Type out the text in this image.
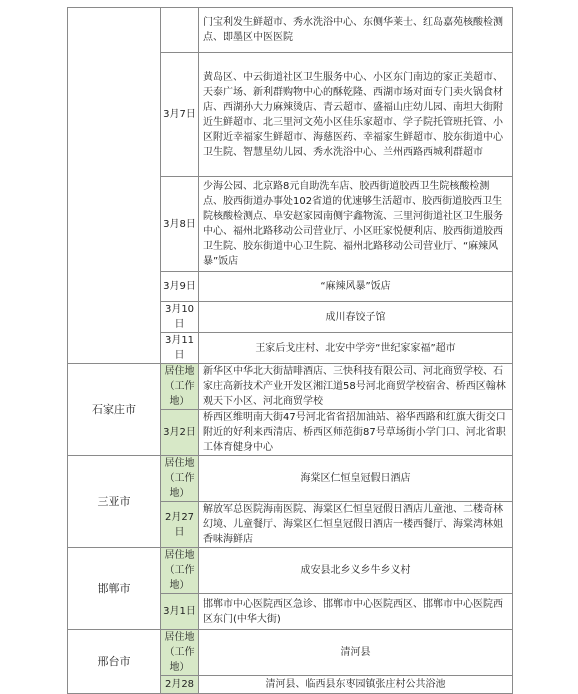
		门宝利发生鲜超市、秀水洗浴中心、东侧华莱士、红岛嘉苑核酸检测点、即墨区中医医院
	3月7日	黄岛区、中云街道社区卫生服务中心、小区东门南边的家正美超市、天泰广场、新利群购物中心的酥乾隆、西湖市场对面专门卖火锅食材店、西湖孙大力麻辣烫店、青云超市、盛福山庄幼儿园、南坦大街附近生鲜超市、北三里河文苑小区佳乐家超市、学子院托管班托管、小区附近幸福家生鲜超市、海慈医药、幸福家生鲜超市、胶东街道中心卫生院、智慧星幼儿园、秀水洗浴中心、兰州西路西城利群超市
	3月8日	少海公园、北京路8元自助洗车店、胶西街道胶西卫生院核酸检测点、胶西街道办事处102省道的优速够生活超市、胶西街道胶西卫生院核酸检测点、阜安赵家园南侧宇鑫物流、三里河街道社区卫生服务中心、福州北路移动公司营业厅、小区旺家悦便利店、胶西街道胶西卫生院、胶东街道中心卫生院、福州北路移动公司营业厅、“麻辣风暴”饭店
	3月9日	“麻辣风暴”饭店
	3月10日	成川春饺子馆
	3月11日	王家后戈庄村、北安中学旁“世纪家家福”超市
石家庄市	居住地（工作地）	新华区中华北大街喆啡酒店、三快科技有限公司、河北商贸学校、石家庄高新技术产业开发区湘江道58号河北商贸学校宿舍、桥西区翰林观天下小区、河北商贸学校
	3月2日	桥西区维明南大街47号河北省省招加油站、裕华西路和红旗大街交口附近的好利来西清店、桥西区师范街87号草场街小学门口、河北省职工体育健身中心
三亚市	居住地（工作地）	海棠区仁恒皇冠假日酒店
	2月27日	解放军总医院海南医院、海棠区仁恒皇冠假日酒店儿童池、二楼奇林幻境、儿童餐厅、海棠区仁恒皇冠假日酒店一楼西餐厅、海棠湾林姐香味海鲜店
邯郸市	居住地（工作地）	成安县北乡义乡牛乡义村
	3月1日	邯郸市中心医院西区急诊、邯郸市中心医院西区、邯郸市中心医院西区东门(中华大街)
邢台市	居住地（工作地）	清河县
	2月28	清河县、临西县东枣园镇张庄村公共浴池
